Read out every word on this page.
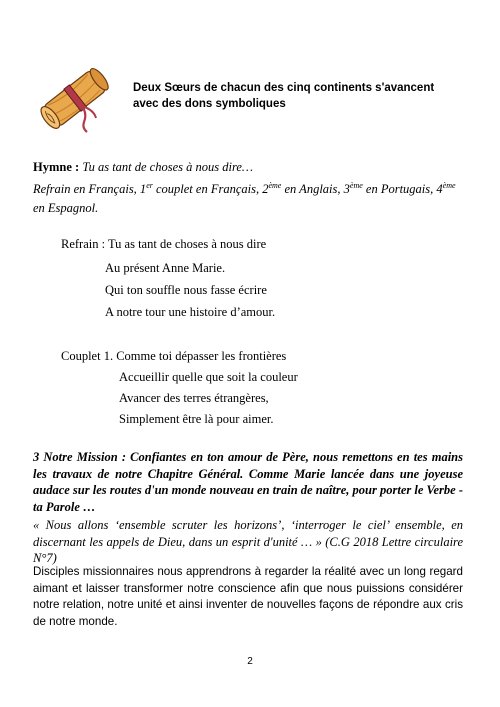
Deux Sœurs de chacun des cinq continents s'avancent avec des dons symboliques
Hymne : Tu as tant de choses à nous dire…
Refrain en Français, 1er couplet en Français, 2ème en Anglais, 3ème en Portugais, 4ème en Espagnol.
Refrain : Tu as tant de choses à nous dire
Au présent Anne Marie.
Qui ton souffle nous fasse écrire
A notre tour une histoire d’amour.
Couplet 1. Comme toi dépasser les frontières
Accueillir quelle que soit la couleur
Avancer des terres étrangères,
Simplement être là pour aimer.
3 Notre Mission : Confiantes en ton amour de Père, nous remettons en tes mains les travaux de notre Chapitre Général. Comme Marie lancée dans une joyeuse audace sur les routes d'un monde nouveau en train de naître, pour porter le Verbe - ta Parole …
« Nous allons ‘ensemble scruter les horizons’, ‘interroger le ciel’ ensemble, en discernant les appels de Dieu, dans un esprit d'unité … » (C.G 2018 Lettre circulaire N°7)
Disciples missionnaires nous apprendrons à regarder la réalité avec un long regard aimant et laisser transformer notre conscience afin que nous puissions considérer notre relation, notre unité et ainsi inventer de nouvelles façons de répondre aux cris de notre monde.
2
